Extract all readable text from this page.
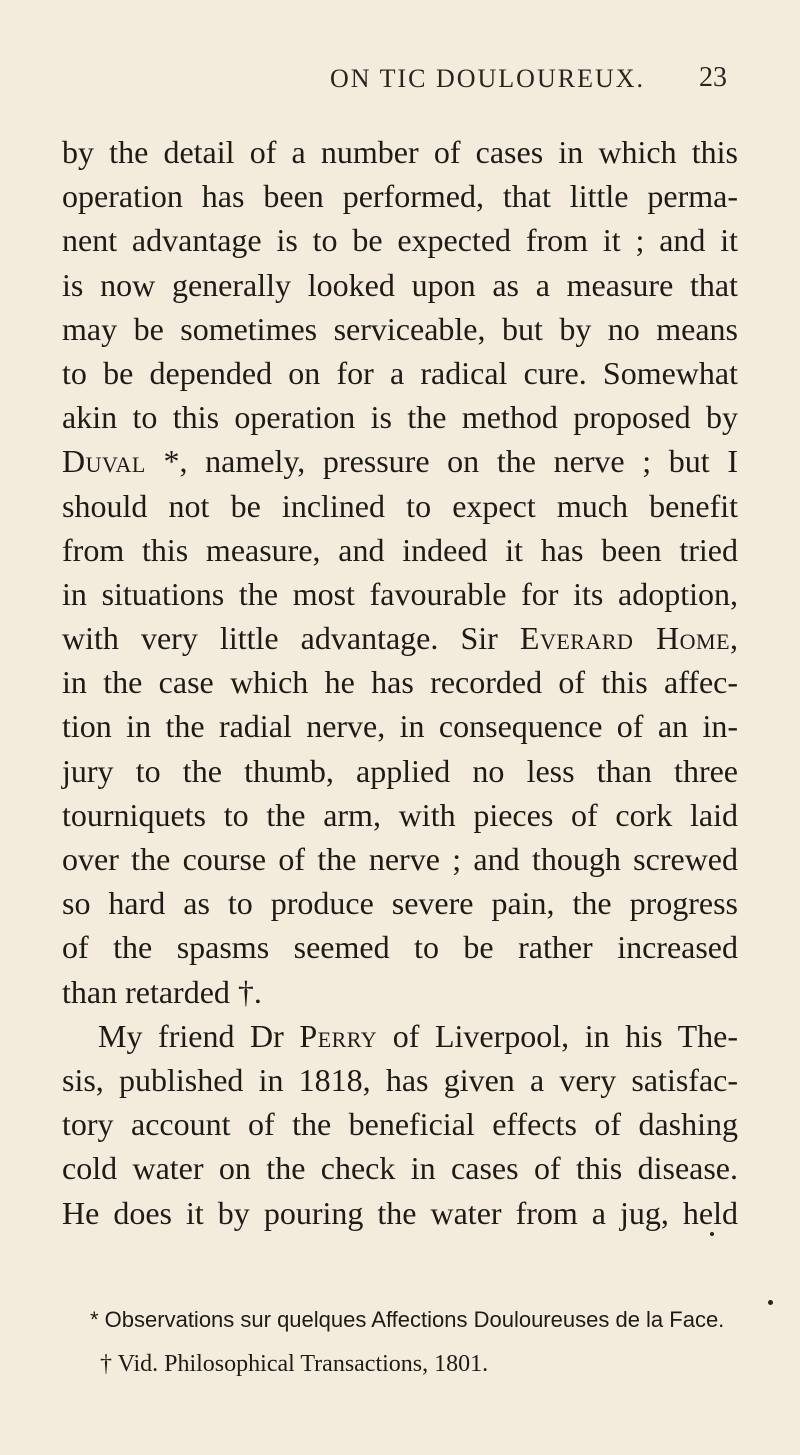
ON TIC DOULOUREUX. 23
by the detail of a number of cases in which this
operation has been performed, that little perma-
nent advantage is to be expected from it ; and it
is now generally looked upon as a measure that
may be sometimes serviceable, but by no means
to be depended on for a radical cure. Somewhat
akin to this operation is the method proposed by
Duval *, namely, pressure on the nerve ; but I
should not be inclined to expect much benefit
from this measure, and indeed it has been tried
in situations the most favourable for its adoption,
with very little advantage. Sir Everard Home,
in the case which he has recorded of this affec-
tion in the radial nerve, in consequence of an in-
jury to the thumb, applied no less than three
tourniquets to the arm, with pieces of cork laid
over the course of the nerve ; and though screwed
so hard as to produce severe pain, the progress
of the spasms seemed to be rather increased
than retarded †.
My friend Dr Perry of Liverpool, in his The-
sis, published in 1818, has given a very satisfac-
tory account of the beneficial effects of dashing
cold water on the check in cases of this disease.
He does it by pouring the water from a jug, held
* Observations sur quelques Affections Douloureuses de la Face.
† Vid. Philosophical Transactions, 1801.
